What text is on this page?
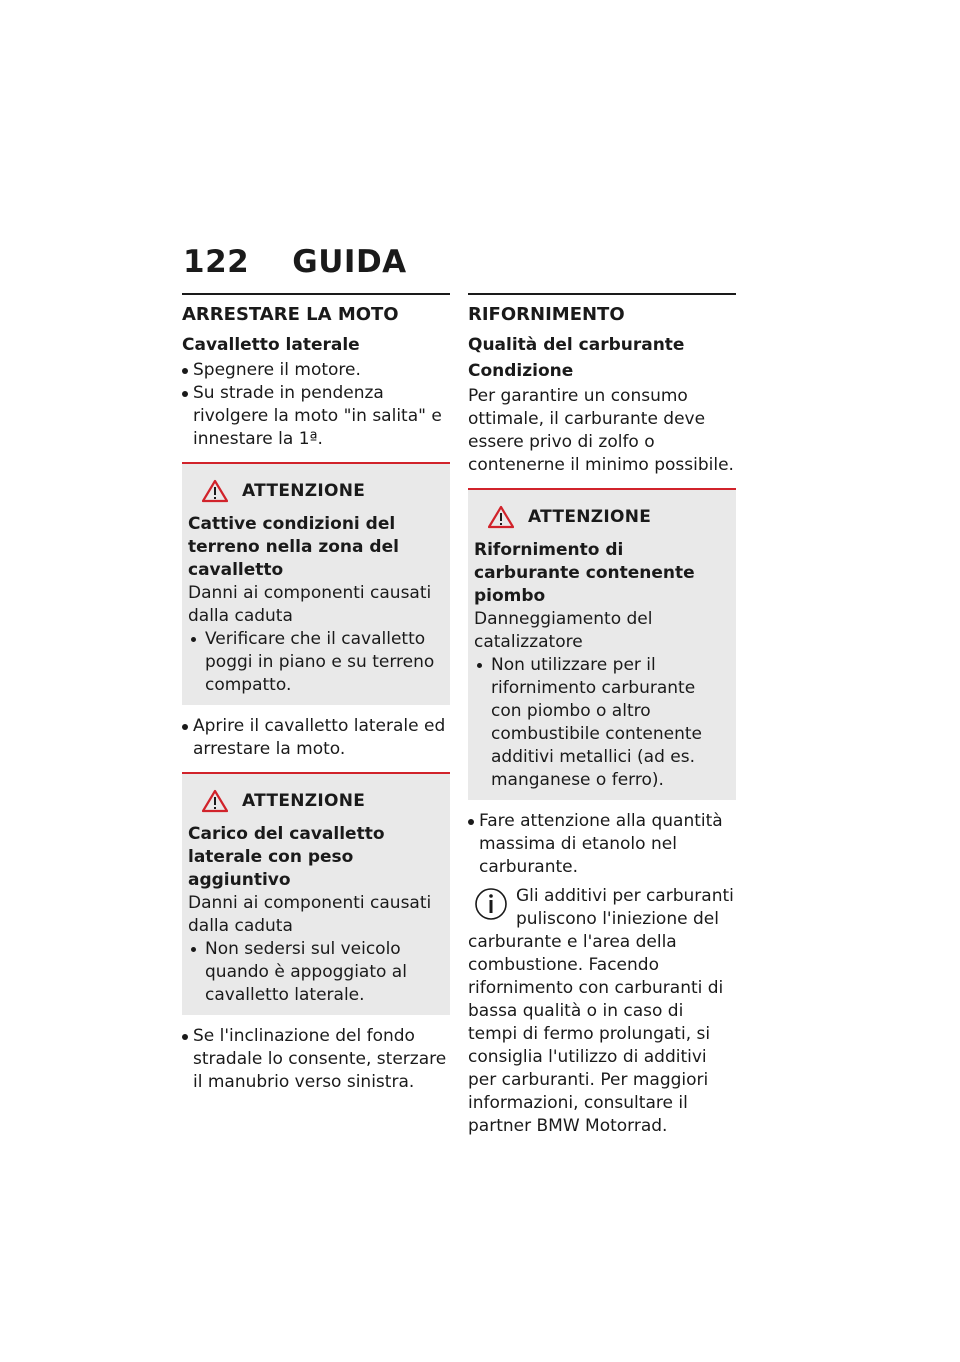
122 GUIDA
ARRESTARE LA MOTO
Cavalletto laterale
Spegnere il motore.
Su strade in pendenza rivolgere la moto "in salita" e innestare la 1ª.
ATTENZIONE
Cattive condizioni del terreno nella zona del cavalletto

Danni ai componenti causati dalla caduta

Verificare che il cavalletto poggi in piano e su terreno compatto.
Aprire il cavalletto laterale ed arrestare la moto.
ATTENZIONE
Carico del cavalletto laterale con peso aggiuntivo

Danni ai componenti causati dalla caduta

Non sedersi sul veicolo quando è appoggiato al cavalletto laterale.
Se l'inclinazione del fondo stradale lo consente, sterzare il manubrio verso sinistra.
RIFORNIMENTO
Qualità del carburante
Condizione

Per garantire un consumo ottimale, il carburante deve essere privo di zolfo o contenerne il minimo possibile.

ATTENZIONE
Rifornimento di carburante contenente piombo

Danneggiamento del catalizzatore

Non utilizzare per il rifornimento carburante con piombo o altro combustibile contenente additivi metallici (ad es. manganese o ferro).
Fare attenzione alla quantità massima di etanolo nel carburante.
Gli additivi per carburanti puliscono l'iniezione del carburante e l'area della combustione. Facendo rifornimento con carburanti di bassa qualità o in caso di tempi di fermo prolungati, si consiglia l'utilizzo di additivi per carburanti. Per maggiori informazioni, consultare il partner BMW Motorrad.
